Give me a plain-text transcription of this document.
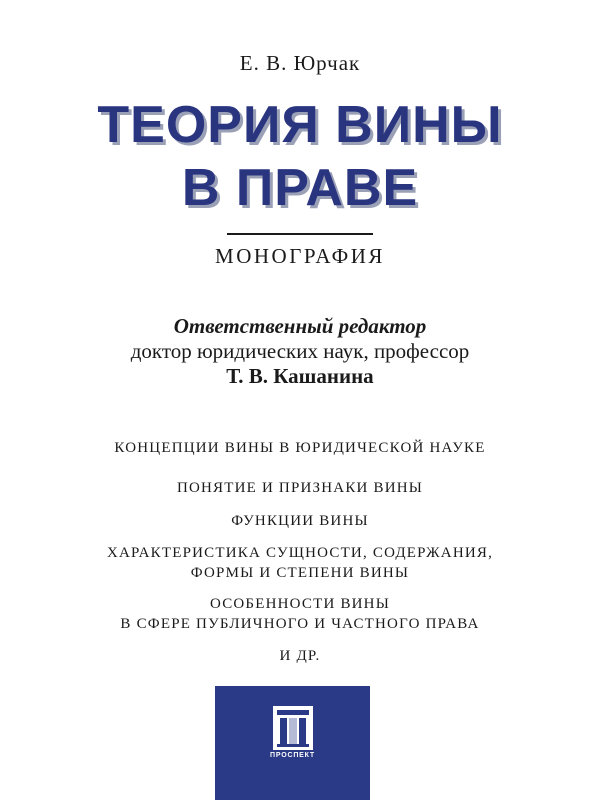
Е. В. Юрчак
ТЕОРИЯ ВИНЫ
В ПРАВЕ
МОНОГРАФИЯ
Ответственный редактор
доктор юридических наук, профессор
Т. В. Кашанина
КОНЦЕПЦИИ ВИНЫ В ЮРИДИЧЕСКОЙ НАУКЕ
ПОНЯТИЕ И ПРИЗНАКИ ВИНЫ
ФУНКЦИИ ВИНЫ
ХАРАКТЕРИСТИКА СУЩНОСТИ, СОДЕРЖАНИЯ,
ФОРМЫ И СТЕПЕНИ ВИНЫ
ОСОБЕННОСТИ ВИНЫ
В СФЕРЕ ПУБЛИЧНОГО И ЧАСТНОГО ПРАВА
И ДР.
ПРОСПЕКТ
